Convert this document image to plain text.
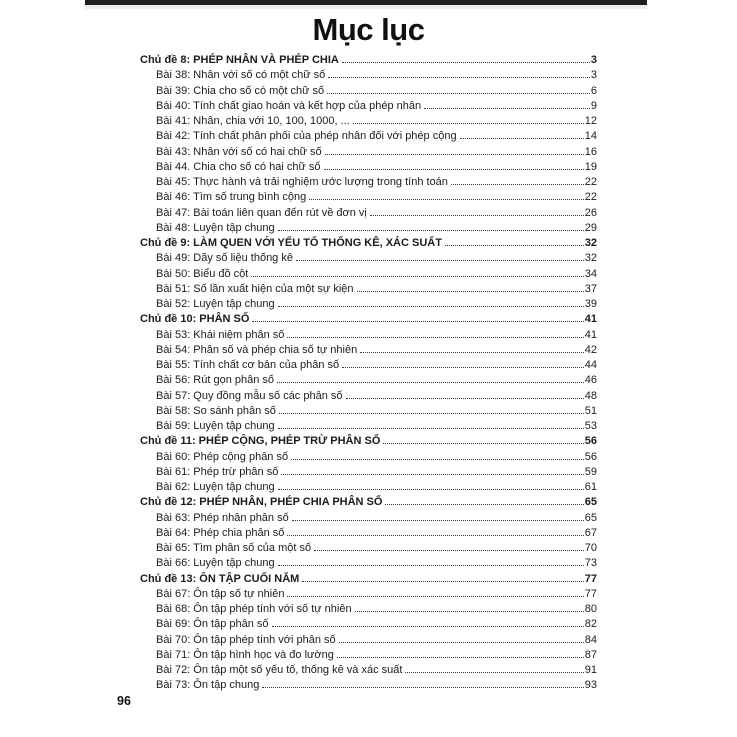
Mục lục
Chủ đề 8: PHÉP NHÂN VÀ PHÉP CHIA	3
Bài 38: Nhân với số có một chữ số	3
Bài 39: Chia cho số có một chữ số	6
Bài 40: Tính chất giao hoán và kết hợp của phép nhân	9
Bài 41: Nhân, chia với 10, 100, 1000, ...	12
Bài 42: Tính chất phân phối của phép nhân đối với phép cộng	14
Bài 43: Nhân với số có hai chữ số	16
Bài 44. Chia cho số có hai chữ số	19
Bài 45: Thực hành và trải nghiệm ước lượng trong tính toán	22
Bài 46: Tìm số trung bình cộng	22
Bài 47: Bài toán liên quan đến rút về đơn vị	26
Bài 48: Luyện tập chung	29
Chủ đề 9: LÀM QUEN VỚI YẾU TỐ THỐNG KÊ, XÁC SUẤT	32
Bài 49: Dãy số liệu thống kê	32
Bài 50: Biểu đồ cột	34
Bài 51: Số lần xuất hiện của một sự kiện	37
Bài 52: Luyện tập chung	39
Chủ đề 10: PHÂN SỐ	41
Bài 53: Khái niệm phân số	41
Bài 54: Phân số và phép chia số tự nhiên	42
Bài 55: Tính chất cơ bản của phân số	44
Bài 56: Rút gọn phân số	46
Bài 57: Quy đồng mẫu số các phân số	48
Bài 58: So sánh phân số	51
Bài 59: Luyện tập chung	53
Chủ đề 11: PHÉP CỘNG, PHÉP TRỪ PHÂN SỐ	56
Bài 60: Phép cộng phân số	56
Bài 61: Phép trừ phân số	59
Bài 62: Luyện tập chung	61
Chủ đề 12: PHÉP NHÂN, PHÉP CHIA PHÂN SỐ	65
Bài 63: Phép nhân phân số	65
Bài 64: Phép chia phân số	67
Bài 65: Tìm phân số của một số	70
Bài 66: Luyện tập chung	73
Chủ đề 13: ÔN TẬP CUỐI NĂM	77
Bài 67: Ôn tập số tự nhiên	77
Bài 68: Ôn tập phép tính với số tự nhiên	80
Bài 69: Ôn tập phân số	82
Bài 70: Ôn tập phép tính với phân số	84
Bài 71: Ôn tập hình học và đo lường	87
Bài 72: Ôn tập một số yếu tố, thống kê và xác suất	91
Bài 73: Ôn tập chung	93
96
